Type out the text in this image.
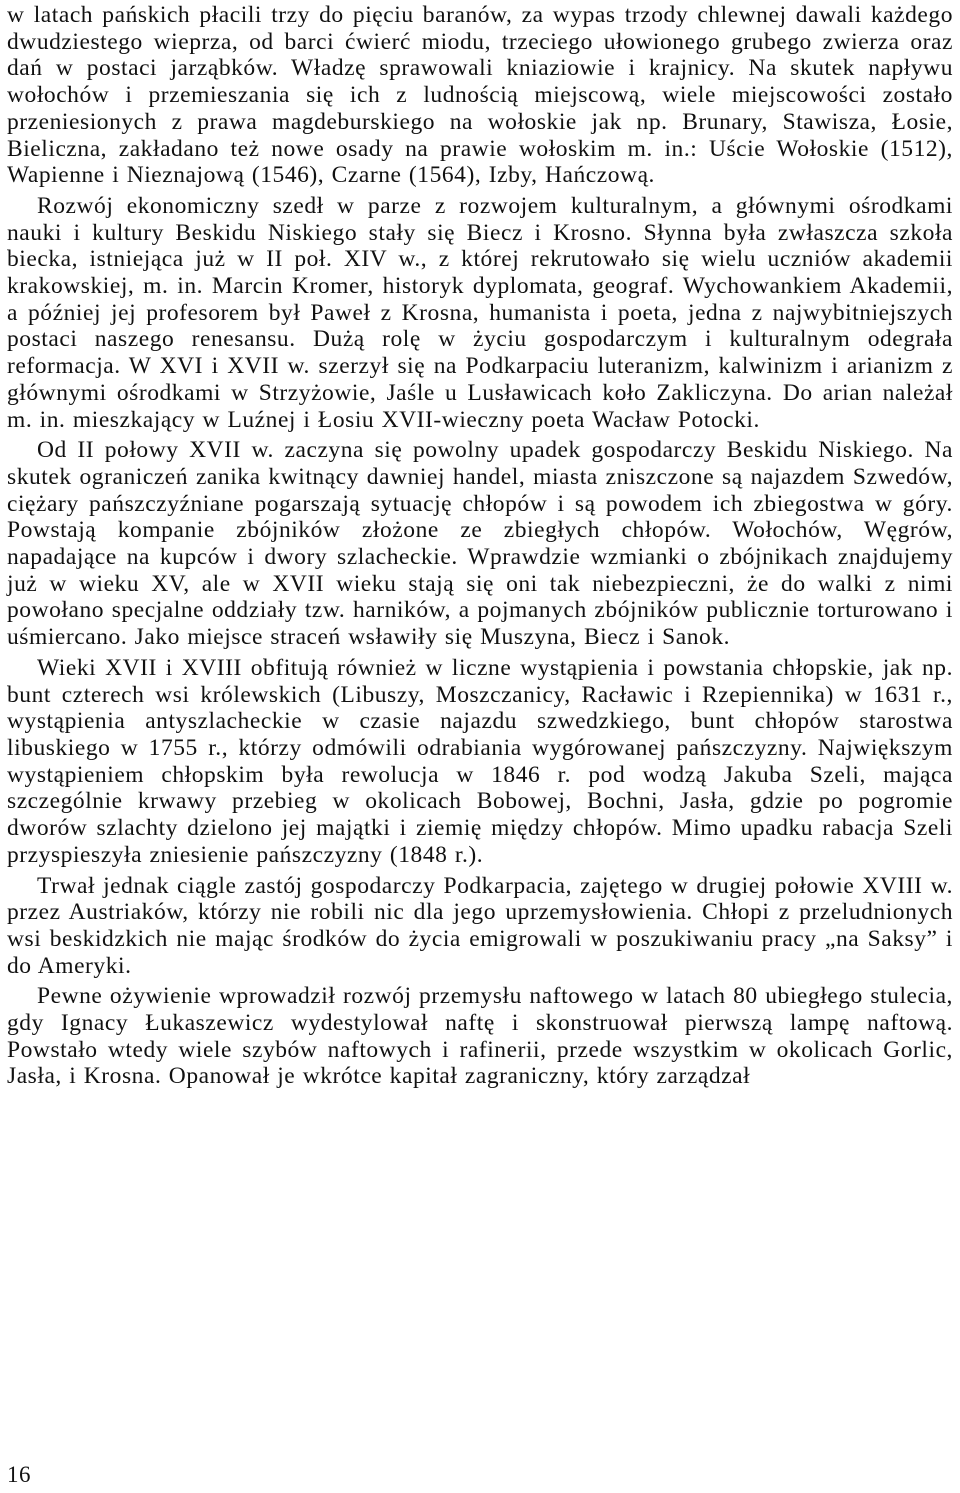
w latach pańskich płacili trzy do pięciu baranów, za wypas trzody chlewnej dawali każdego dwudziestego wieprza, od barci ćwierć miodu, trzeciego ułowionego grubego zwierza oraz dań w postaci jarząbków. Władzę sprawowali kniaziowie i krajnicy. Na skutek napływu wołochów i przemieszania się ich z ludnością miejscową, wiele miejscowości zostało przeniesionych z prawa magdeburskiego na wołoskie jak np. Brunary, Stawisza, Łosie, Bieliczna, zakładano też nowe osady na prawie wołoskim m. in.: Uście Wołoskie (1512), Wapienne i Nieznajową (1546), Czarne (1564), Izby, Hańczową.

Rozwój ekonomiczny szedł w parze z rozwojem kulturalnym, a głównymi ośrodkami nauki i kultury Beskidu Niskiego stały się Biecz i Krosno. Słynna była zwłaszcza szkoła biecka, istniejąca już w II poł. XIV w., z której rekrutowało się wielu uczniów akademii krakowskiej, m. in. Marcin Kromer, historyk dyplomata, geograf. Wychowankiem Akademii, a później jej profesorem był Paweł z Krosna, humanista i poeta, jedna z najwybitniejszych postaci naszego renesansu. Dużą rolę w życiu gospodarczym i kulturalnym odegrała reformacja. W XVI i XVII w. szerzył się na Podkarpaciu luteranizm, kalwinizm i arianizm z głównymi ośrodkami w Strzyżowie, Jaśle u Lusławicach koło Zakliczyna. Do arian należał m. in. mieszkający w Luźnej i Łosiu XVII-wieczny poeta Wacław Potocki.

Od II połowy XVII w. zaczyna się powolny upadek gospodarczy Beskidu Niskiego. Na skutek ograniczeń zanika kwitnący dawniej handel, miasta zniszczone są najazdem Szwedów, ciężary pańszczyźniane pogarszają sytuację chłopów i są powodem ich zbiegostwa w góry. Powstają kompanie zbójników złożone ze zbiegłych chłopów. Wołochów, Węgrów, napadające na kupców i dwory szlacheckie. Wprawdzie wzmianki o zbójnikach znajdujemy już w wieku XV, ale w XVII wieku stają się oni tak niebezpieczni, że do walki z nimi powołano specjalne oddziały tzw. harników, a pojmanych zbójników publicznie torturowano i uśmiercano. Jako miejsce straceń wsławiły się Muszyna, Biecz i Sanok.

Wieki XVII i XVIII obfitują również w liczne wystąpienia i powstania chłopskie, jak np. bunt czterech wsi królewskich (Libuszy, Moszczanicy, Racławic i Rzepiennika) w 1631 r., wystąpienia antyszlacheckie w czasie najazdu szwedzkiego, bunt chłopów starostwa libuskiego w 1755 r., którzy odmówili odrabiania wygórowanej pańszczyzny. Największym wystąpieniem chłopskim była rewolucja w 1846 r. pod wodzą Jakuba Szeli, mająca szczególnie krwawy przebieg w okolicach Bobowej, Bochni, Jasła, gdzie po pogromie dworów szlachty dzielono jej majątki i ziemię między chłopów. Mimo upadku rabacja Szeli przyspieszyła zniesienie pańszczyzny (1848 r.).

Trwał jednak ciągle zastój gospodarczy Podkarpacia, zajętego w drugiej połowie XVIII w. przez Austriaków, którzy nie robili nic dla jego uprzemysłowienia. Chłopi z przeludnionych wsi beskidzkich nie mając środków do życia emigrowali w poszukiwaniu pracy „na Saksy” i do Ameryki.

Pewne ożywienie wprowadził rozwój przemysłu naftowego w latach 80 ubiegłego stulecia, gdy Ignacy Łukaszewicz wydestylował naftę i skonstruował pierwszą lampę naftową. Powstało wtedy wiele szybów naftowych i rafinerii, przede wszystkim w okolicach Gorlic, Jasła, i Krosna. Opanował je wkrótce kapitał zagraniczny, który zarządzał

16
